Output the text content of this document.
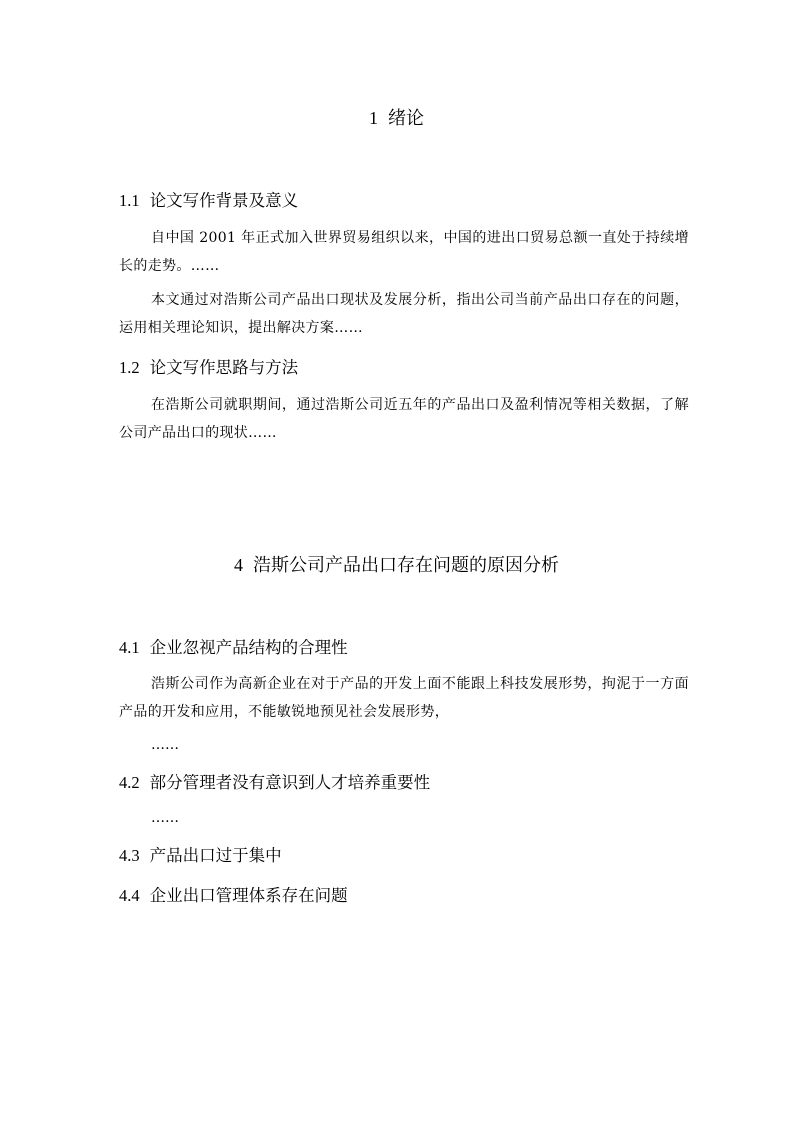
1 绪论
1.1 论文写作背景及意义
自中国 2001 年正式加入世界贸易组织以来，中国的进出口贸易总额一直处于持续增长的走势。……
本文通过对浩斯公司产品出口现状及发展分析，指出公司当前产品出口存在的问题，运用相关理论知识，提出解决方案……
1.2 论文写作思路与方法
在浩斯公司就职期间，通过浩斯公司近五年的产品出口及盈利情况等相关数据，了解公司产品出口的现状……
4 浩斯公司产品出口存在问题的原因分析
4.1 企业忽视产品结构的合理性
浩斯公司作为高新企业在对于产品的开发上面不能跟上科技发展形势，拘泥于一方面产品的开发和应用，不能敏锐地预见社会发展形势，
……
4.2 部分管理者没有意识到人才培养重要性
……
4.3 产品出口过于集中
4.4 企业出口管理体系存在问题
